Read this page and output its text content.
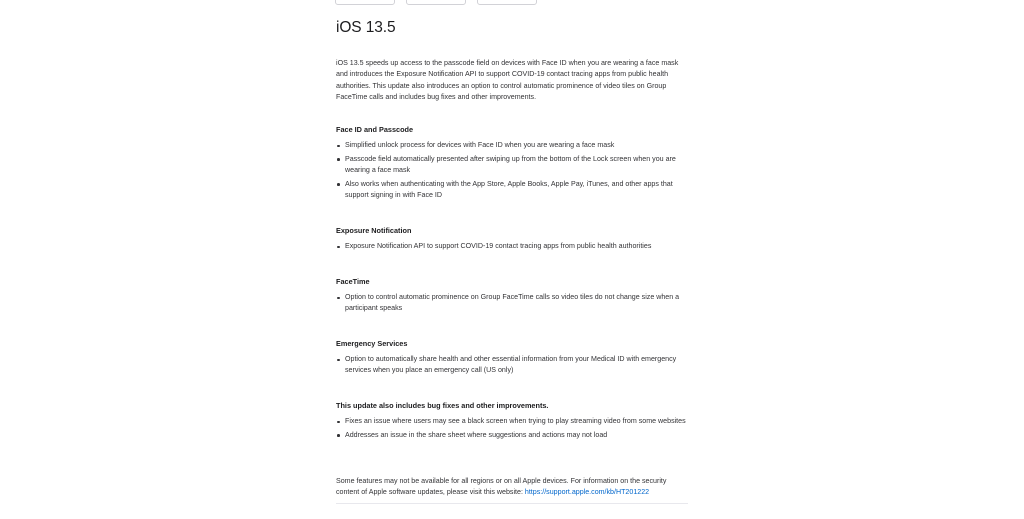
iOS 13.5

iOS 13.5 speeds up access to the passcode field on devices with Face ID when you are wearing a face mask and introduces the Exposure Notification API to support COVID-19 contact tracing apps from public health authorities. This update also introduces an option to control automatic prominence of video tiles on Group FaceTime calls and includes bug fixes and other improvements.

Face ID and Passcode
Simplified unlock process for devices with Face ID when you are wearing a face mask
Passcode field automatically presented after swiping up from the bottom of the Lock screen when you are wearing a face mask
Also works when authenticating with the App Store, Apple Books, Apple Pay, iTunes, and other apps that support signing in with Face ID
Exposure Notification
Exposure Notification API to support COVID-19 contact tracing apps from public health authorities
FaceTime
Option to control automatic prominence on Group FaceTime calls so video tiles do not change size when a participant speaks
Emergency Services
Option to automatically share health and other essential information from your Medical ID with emergency services when you place an emergency call (US only)
This update also includes bug fixes and other improvements.
Fixes an issue where users may see a black screen when trying to play streaming video from some websites
Addresses an issue in the share sheet where suggestions and actions may not load

Some features may not be available for all regions or on all Apple devices. For information on the security content of Apple software updates, please visit this website: https://support.apple.com/kb/HT201222
